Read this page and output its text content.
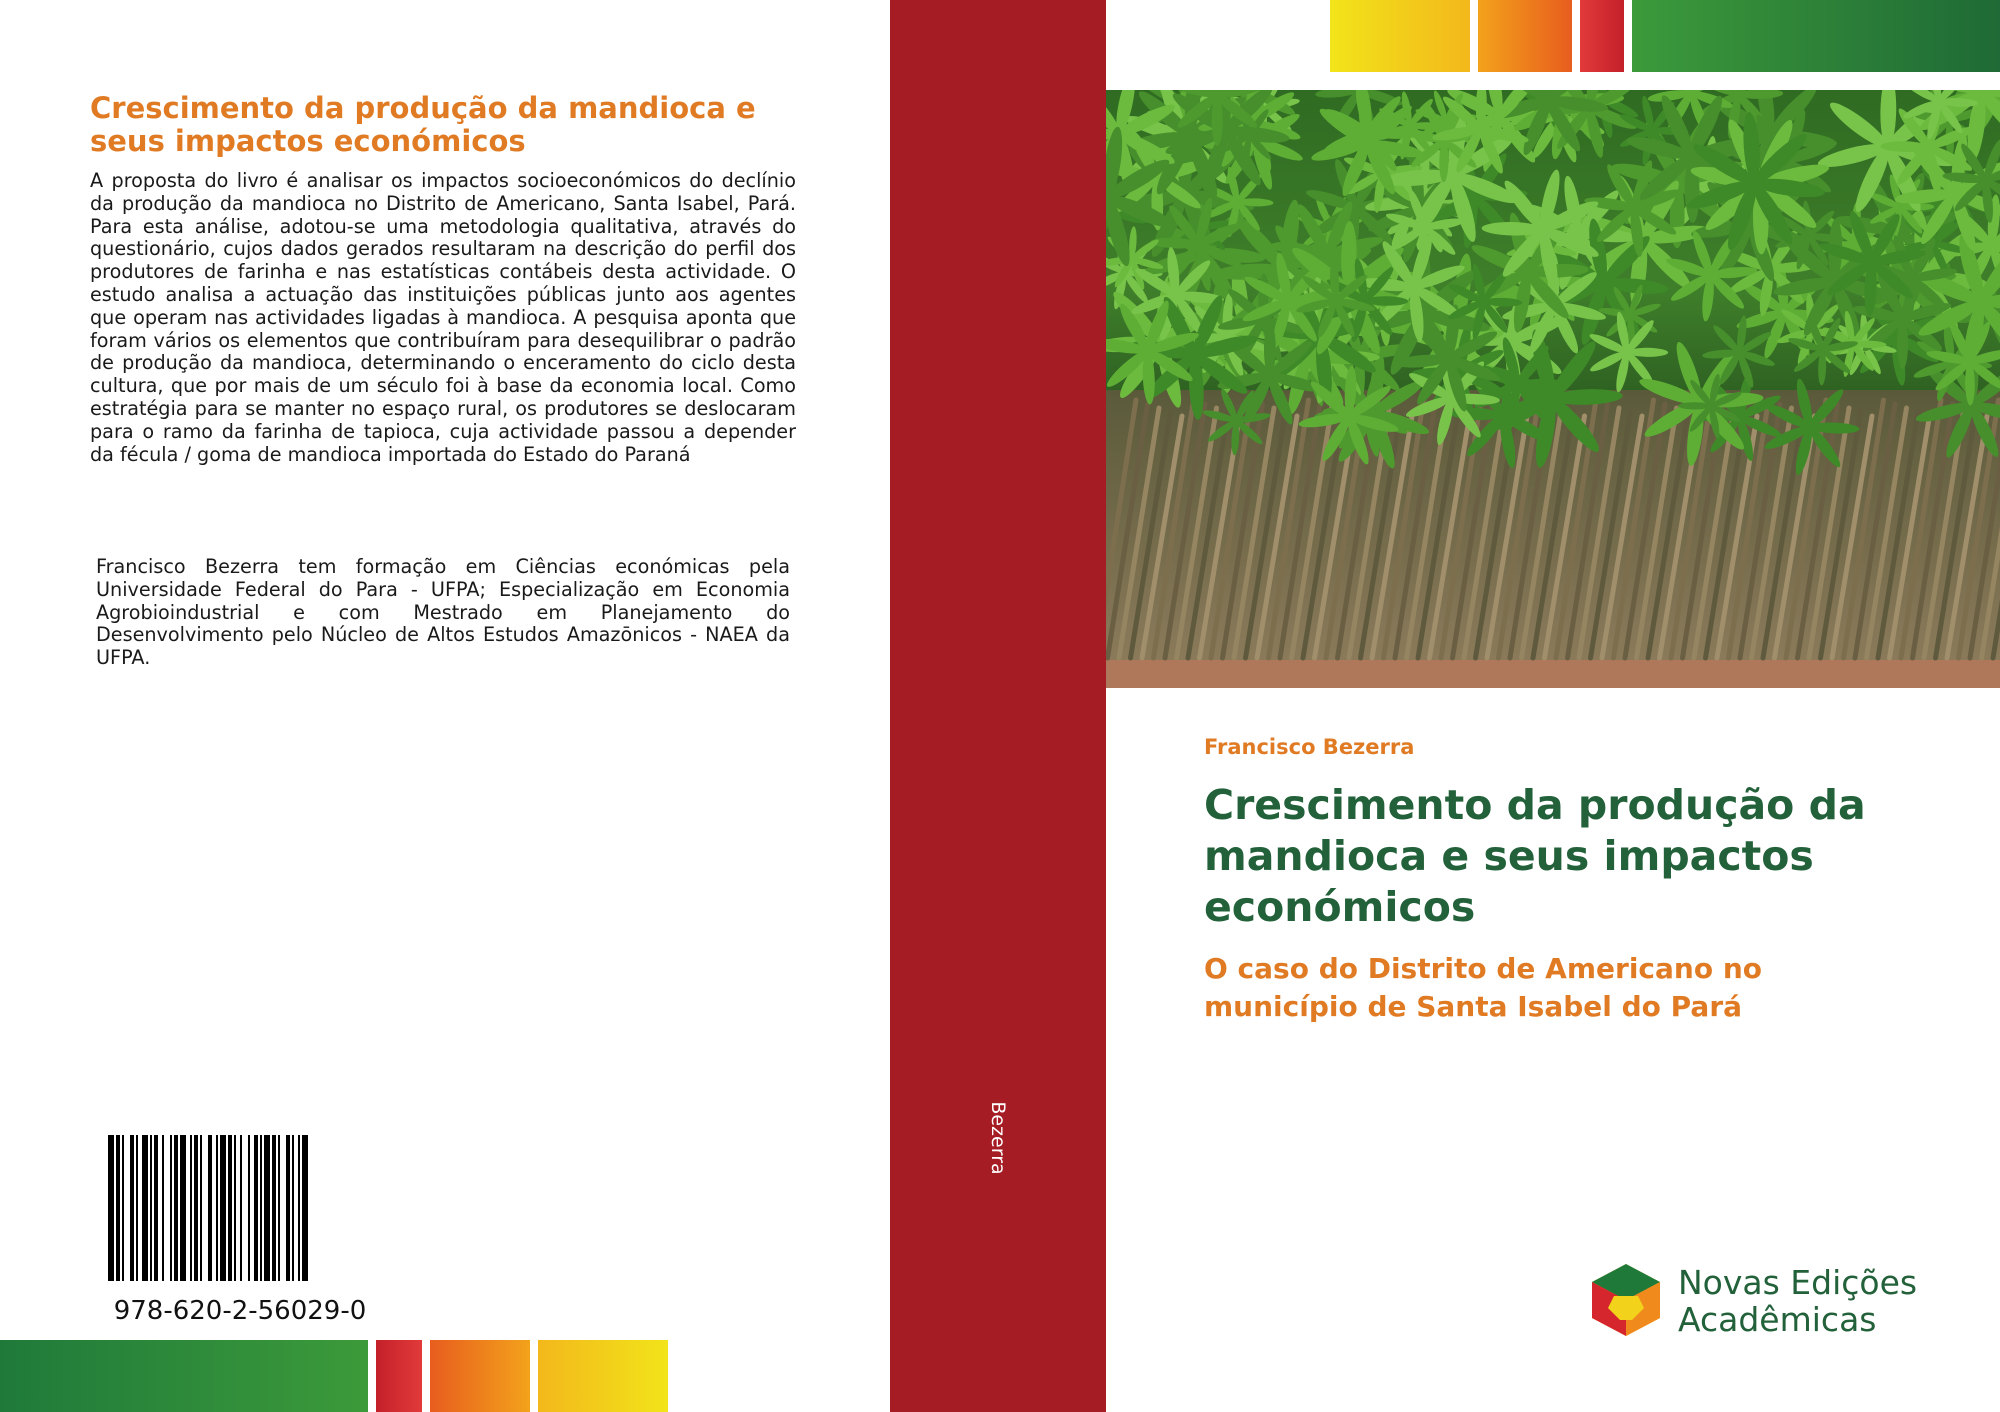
Crescimento da produção da mandioca e seus impactos económicos
A proposta do livro é analisar os impactos socioeconómicos do declínio da produção da mandioca no Distrito de Americano, Santa Isabel, Pará. Para esta análise, adotou-se uma metodologia qualitativa, através do questionário, cujos dados gerados resultaram na descrição do perfil dos produtores de farinha e nas estatísticas contábeis desta actividade. O estudo analisa a actuação das instituições públicas junto aos agentes que operam nas actividades ligadas à mandioca. A pesquisa aponta que foram vários os elementos que contribuíram para desequilibrar o padrão de produção da mandioca, determinando o enceramento do ciclo desta cultura, que por mais de um século foi à base da economia local. Como estratégia para se manter no espaço rural, os produtores se deslocaram para o ramo da farinha de tapioca, cuja actividade passou a depender da fécula / goma de mandioca importada do Estado do Paraná
Francisco Bezerra tem formação em Ciências económicas pela Universidade Federal do Para - UFPA; Especialização em Economia Agrobioindustrial e com Mestrado em Planejamento do Desenvolvimento pelo Núcleo de Altos Estudos Amazōnicos - NAEA da UFPA.
978-620-2-56029-0
Bezerra
Francisco Bezerra
Crescimento da produção da mandioca e seus impactos económicos
O caso do Distrito de Americano no município de Santa Isabel do Pará
Novas Edições
Acadêmicas
